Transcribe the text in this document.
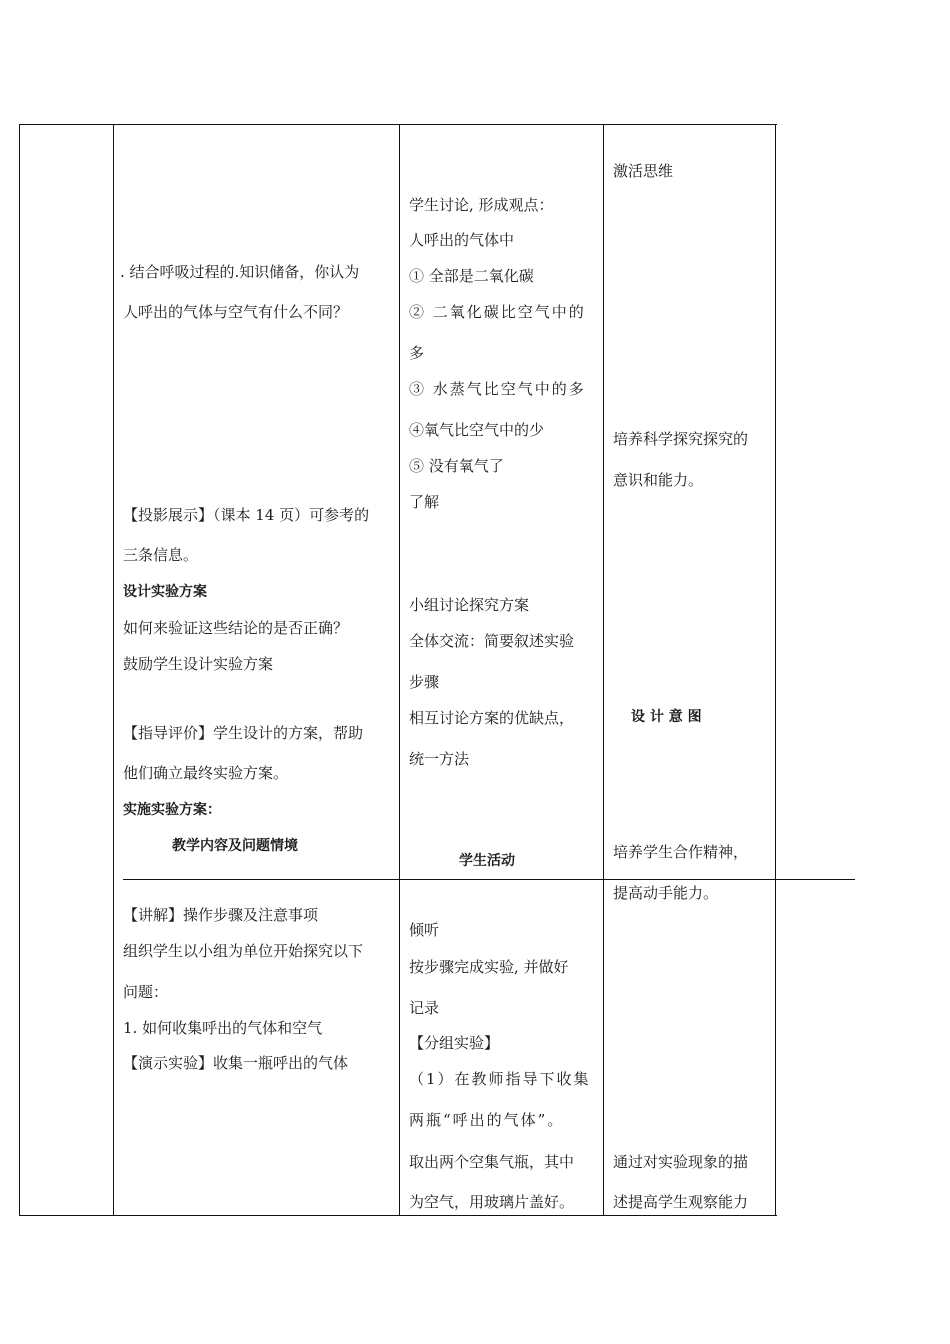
. 结合呼吸过程的.知识储备，你认为
人呼出的气体与空气有什么不同？
【投影展示】（课本 14 页）可参考的
三条信息。
设计实验方案
如何来验证这些结论的是否正确？
鼓励学生设计实验方案
【指导评价】学生设计的方案，帮助
他们确立最终实验方案。
实施实验方案：
教学内容及问题情境
【讲解】操作步骤及注意事项
组织学生以小组为单位开始探究以下
问题：
1. 如何收集呼出的气体和空气
【演示实验】收集一瓶呼出的气体
学生讨论, 形成观点：
人呼出的气体中
① 全部是二氧化碳
② 二氧化碳比空气中的
多
③ 水蒸气比空气中的多
④氧气比空气中的少
⑤ 没有氧气了
了解
小组讨论探究方案
全体交流：简要叙述实验
步骤
相互讨论方案的优缺点，
统一方法
学生活动
倾听
按步骤完成实验, 并做好
记录
【分组实验】
（1）在教师指导下收集
两瓶“呼出的气体”。
取出两个空集气瓶，其中
为空气，用玻璃片盖好。
激活思维
培养科学探究探究的
意识和能力。
设 计 意 图
培养学生合作精神，
提高动手能力。
通过对实验现象的描
述提高学生观察能力
